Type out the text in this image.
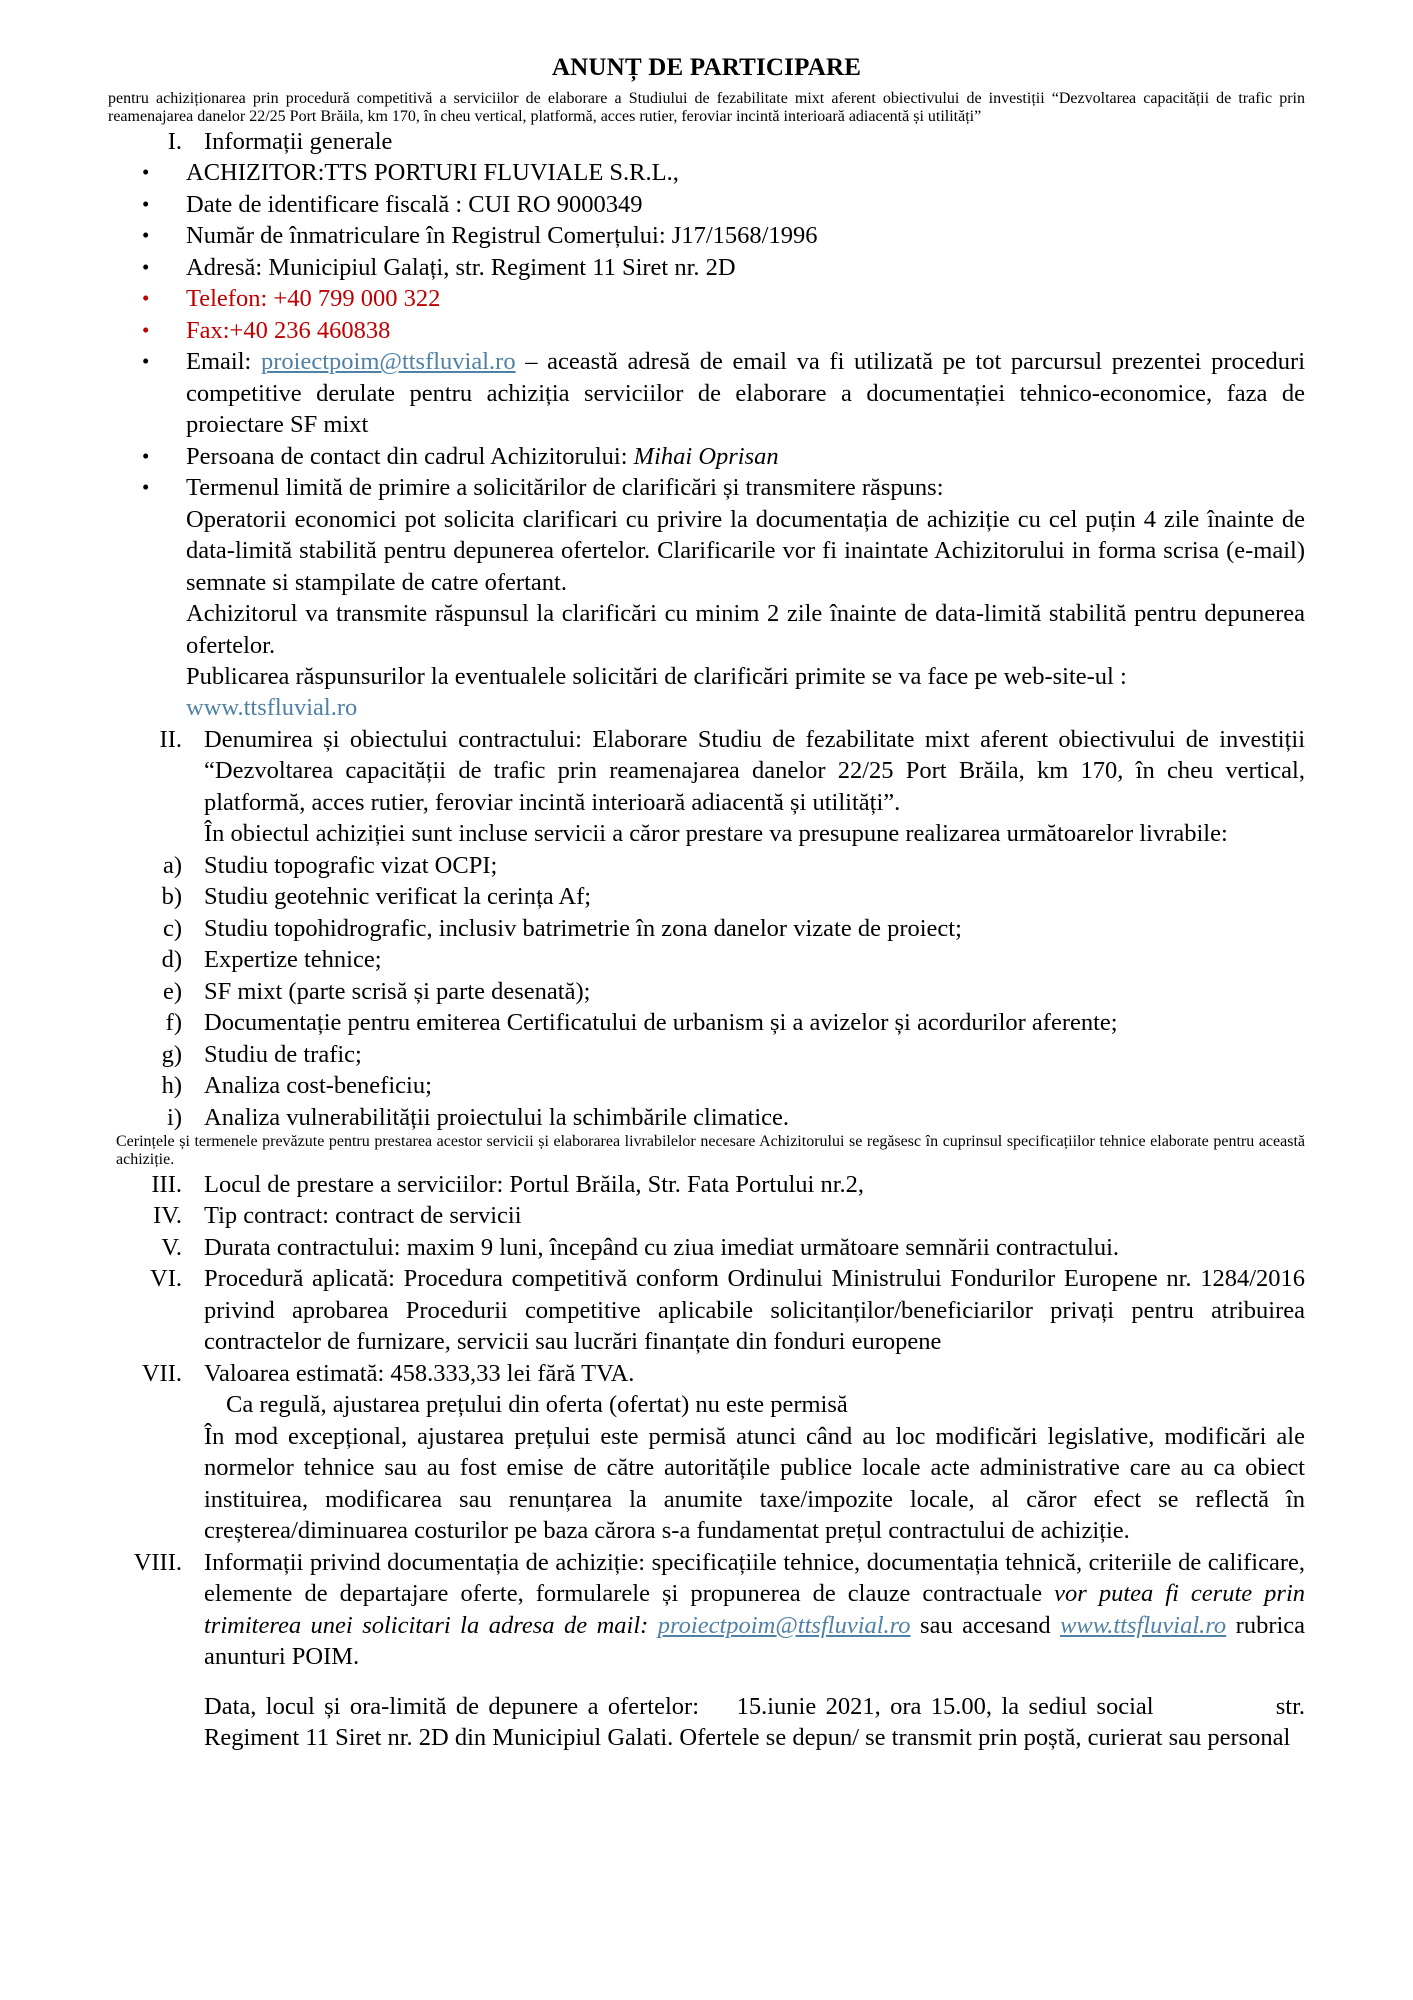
ANUNȚ DE PARTICIPARE
pentru achiziționarea prin procedură competitivă a serviciilor de elaborare a Studiului de fezabilitate mixt aferent obiectivului de investiții “Dezvoltarea capacității de trafic prin reamenajarea danelor 22/25 Port Brăila, km 170, în cheu vertical, platformă, acces rutier, feroviar incintă interioară adiacentă și utilități”
I. Informații generale
•	ACHIZITOR:TTS PORTURI FLUVIALE S.R.L.,
•	Date de identificare fiscală : CUI RO 9000349
•	Număr de înmatriculare în Registrul Comerțului: J17/1568/1996
•	Adresă: Municipiul Galați, str. Regiment 11 Siret nr. 2D
•	Telefon: +40 799 000 322
•	Fax:+40 236 460838
•	Email: proiectpoim@ttsfluvial.ro – această adresă de email va fi utilizată pe tot parcursul prezentei proceduri competitive derulate pentru achiziția serviciilor de elaborare a documentației tehnico-economice, faza de proiectare SF mixt
•	Persoana de contact din cadrul Achizitorului: Mihai Oprisan
•	Termenul limită de primire a solicitărilor de clarificări și transmitere răspuns:
Operatorii economici pot solicita clarificari cu privire la documentația de achiziție cu cel puțin 4 zile înainte de data-limită stabilită pentru depunerea ofertelor. Clarificarile vor fi inaintate Achizitorului in forma scrisa (e-mail) semnate si stampilate de catre ofertant.
Achizitorul va transmite răspunsul la clarificări cu minim 2 zile înainte de data-limită stabilită pentru depunerea ofertelor.
Publicarea răspunsurilor la eventualele solicitări de clarificări primite se va face pe web-site-ul :
www.ttsfluvial.ro
II. Denumirea și obiectului contractului: Elaborare Studiu de fezabilitate mixt aferent obiectivului de investiții “Dezvoltarea capacității de trafic prin reamenajarea danelor 22/25 Port Brăila, km 170, în cheu vertical, platformă, acces rutier, feroviar incintă interioară adiacentă și utilități”.
În obiectul achiziției sunt incluse servicii a căror prestare va presupune realizarea următoarelor livrabile:
a) Studiu topografic vizat OCPI;
b) Studiu geotehnic verificat la cerința Af;
c) Studiu topohidrografic, inclusiv batrimetrie în zona danelor vizate de proiect;
d) Expertize tehnice;
e) SF mixt (parte scrisă și parte desenată);
f) Documentație pentru emiterea Certificatului de urbanism și a avizelor și acordurilor aferente;
g) Studiu de trafic;
h) Analiza cost-beneficiu;
i) Analiza vulnerabilității proiectului la schimbările climatice.
Cerințele și termenele prevăzute pentru prestarea acestor servicii și elaborarea livrabilelor necesare Achizitorului se regăsesc în cuprinsul specificațiilor tehnice elaborate pentru această achiziție.
III. Locul de prestare a serviciilor: Portul Brăila, Str. Fata Portului nr.2,
IV. Tip contract: contract de servicii
V. Durata contractului: maxim 9 luni, începând cu ziua imediat următoare semnării contractului.
VI. Procedură aplicată: Procedura competitivă conform Ordinului Ministrului Fondurilor Europene nr. 1284/2016 privind aprobarea Procedurii competitive aplicabile solicitanților/beneficiarilor privați pentru atribuirea contractelor de furnizare, servicii sau lucrări finanțate din fonduri europene
VII. Valoarea estimată: 458.333,33 lei fără TVA.
Ca regulă, ajustarea prețului din oferta (ofertat) nu este permisă
În mod excepțional, ajustarea prețului este permisă atunci când au loc modificări legislative, modificări ale normelor tehnice sau au fost emise de către autoritățile publice locale acte administrative care au ca obiect instituirea, modificarea sau renunțarea la anumite taxe/impozite locale, al căror efect se reflectă în creșterea/diminuarea costurilor pe baza cărora s-a fundamentat prețul contractului de achiziție.
VIII. Informații privind documentația de achiziție: specificațiile tehnice, documentația tehnică, criteriile de calificare, elemente de departajare oferte, formularele și propunerea de clauze contractuale vor putea fi cerute prin trimiterea unei solicitari la adresa de mail: proiectpoim@ttsfluvial.ro sau accesand www.ttsfluvial.ro rubrica anunturi POIM.
Data, locul și ora-limită de depunere a ofertelor: 15.iunie 2021, ora 15.00, la sediul social	str. Regiment 11 Siret nr. 2D din Municipiul Galati. Ofertele se depun/ se transmit prin poștă, curierat sau personal
